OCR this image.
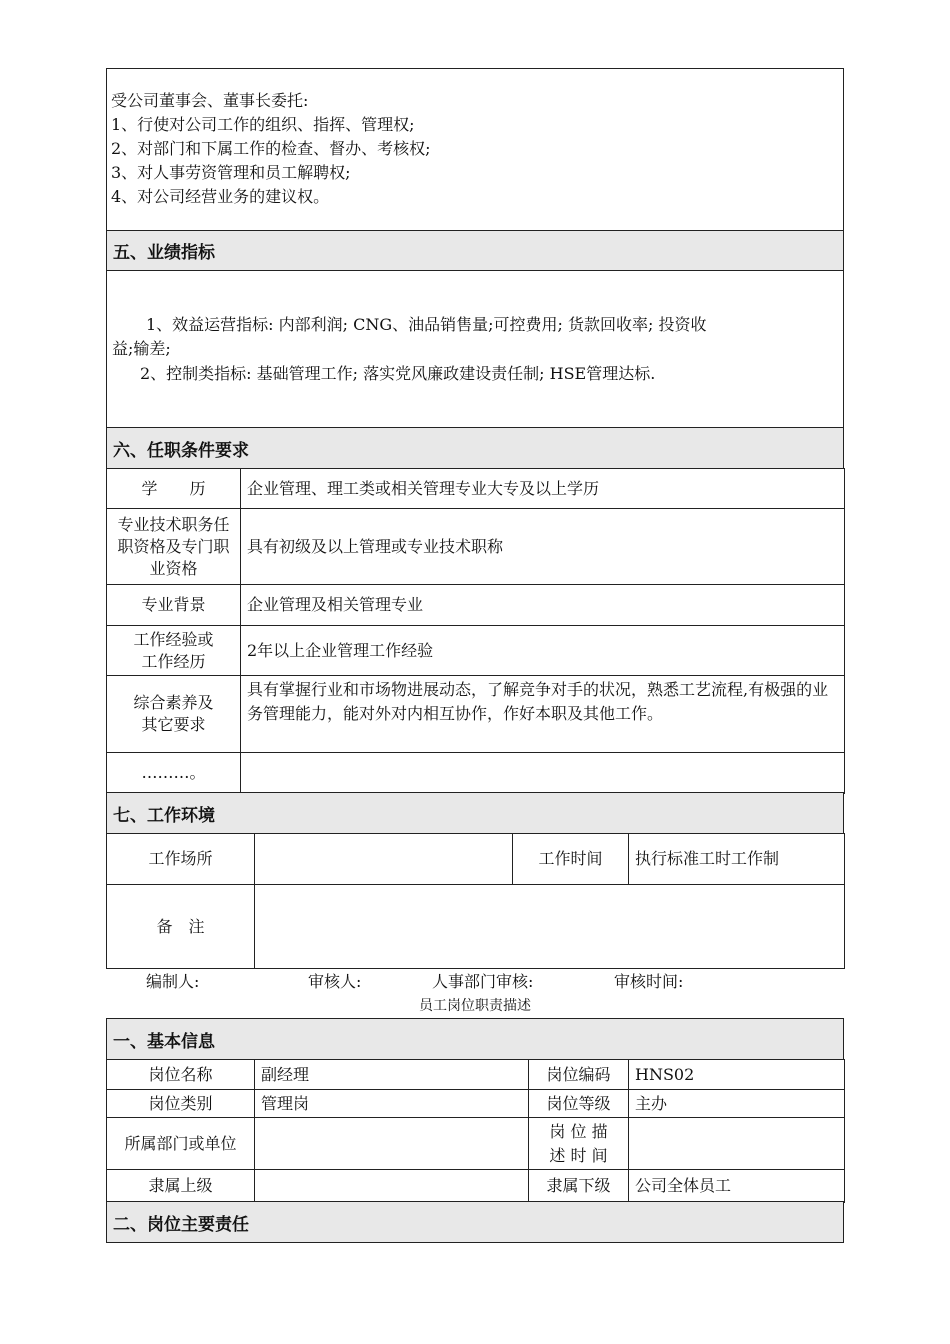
受公司董事会、董事长委托:
1、行使对公司工作的组织、指挥、管理权;
2、对部门和下属工作的检查、督办、考核权;
3、对人事劳资管理和员工解聘权;
4、对公司经营业务的建议权。
五、业绩指标
1、效益运营指标: 内部利润; CNG、油品销售量;可控费用; 货款回收率; 投资收
益;输差;
2、控制类指标: 基础管理工作; 落实党风廉政建设责任制; HSE管理达标.
六、任职条件要求
学　　历	企业管理、理工类或相关管理专业大专及以上学历
专业技术职务任职资格及专门职业资格	具有初级及以上管理或专业技术职称
专业背景	企业管理及相关管理专业
工作经验或工作经历	2年以上企业管理工作经验
综合素养及其它要求	具有掌握行业和市场物进展动态，了解竞争对手的状况，熟悉工艺流程,有极强的业务管理能力，能对外对内相互协作，作好本职及其他工作。
………。	
七、工作环境
工作场所		工作时间	执行标准工时工作制
备　注			
编制人:	审核人:	人事部门审核:	审核时间:
员工岗位职责描述
一、基本信息
岗位名称	副经理	岗位编码	HNS02
岗位类别	管理岗	岗位等级	主办
所属部门或单位		岗 位 描 述 时 间	
隶属上级		隶属下级	公司全体员工
二、岗位主要责任
